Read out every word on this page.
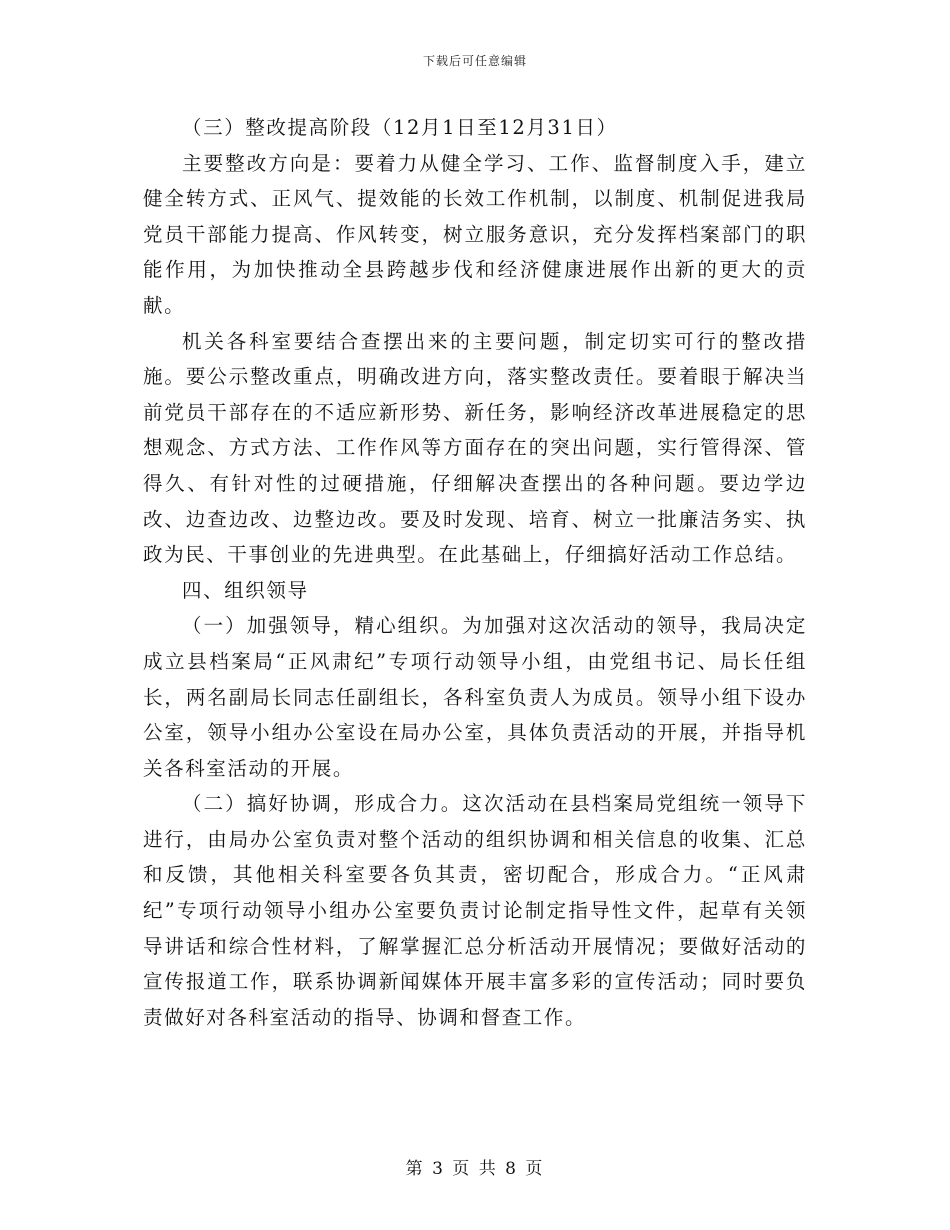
下载后可任意编辑

（三）整改提高阶段（12月1日至12月31日）

主要整改方向是：要着力从健全学习、工作、监督制度入手，建立健全转方式、正风气、提效能的长效工作机制，以制度、机制促进我局党员干部能力提高、作风转变，树立服务意识，充分发挥档案部门的职能作用，为加快推动全县跨越步伐和经济健康进展作出新的更大的贡献。

机关各科室要结合查摆出来的主要问题，制定切实可行的整改措施。要公示整改重点，明确改进方向，落实整改责任。要着眼于解决当前党员干部存在的不适应新形势、新任务，影响经济改革进展稳定的思想观念、方式方法、工作作风等方面存在的突出问题，实行管得深、管得久、有针对性的过硬措施，仔细解决查摆出的各种问题。要边学边改、边查边改、边整边改。要及时发现、培育、树立一批廉洁务实、执政为民、干事创业的先进典型。在此基础上，仔细搞好活动工作总结。

四、组织领导

（一）加强领导，精心组织。为加强对这次活动的领导，我局决定成立县档案局“正风肃纪”专项行动领导小组，由党组书记、局长任组长，两名副局长同志任副组长，各科室负责人为成员。领导小组下设办公室，领导小组办公室设在局办公室，具体负责活动的开展，并指导机关各科室活动的开展。

（二）搞好协调，形成合力。这次活动在县档案局党组统一领导下进行，由局办公室负责对整个活动的组织协调和相关信息的收集、汇总和反馈，其他相关科室要各负其责，密切配合，形成合力。“正风肃纪”专项行动领导小组办公室要负责讨论制定指导性文件，起草有关领导讲话和综合性材料，了解掌握汇总分析活动开展情况；要做好活动的宣传报道工作，联系协调新闻媒体开展丰富多彩的宣传活动；同时要负责做好对各科室活动的指导、协调和督查工作。

第 3 页 共 8 页
